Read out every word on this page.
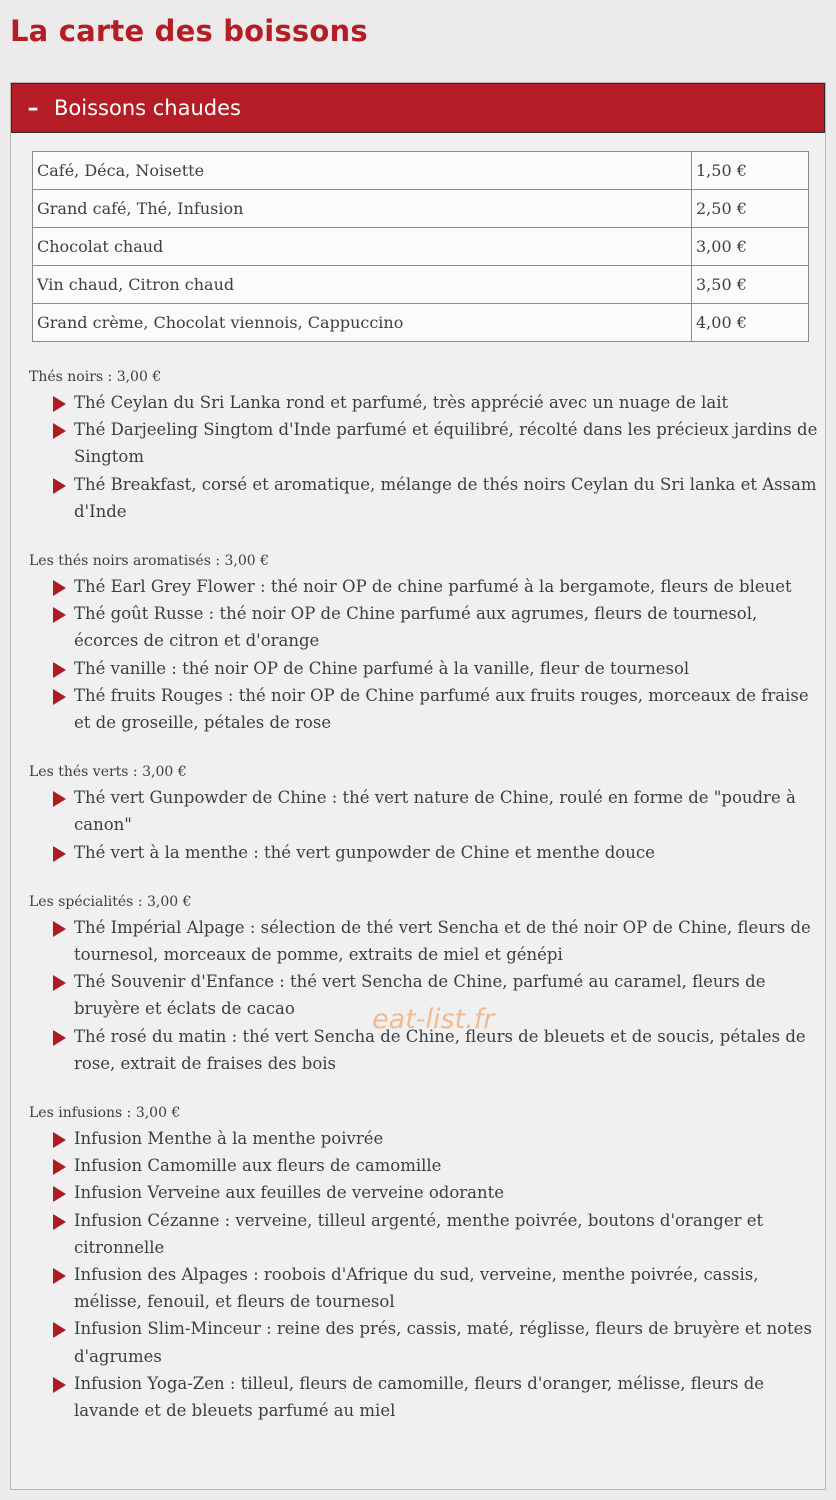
La carte des boissons
– Boissons chaudes
Café, Déca, Noisette	1,50 €
Grand café, Thé, Infusion	2,50 €
Chocolat chaud	3,00 €
Vin chaud, Citron chaud	3,50 €
Grand crème, Chocolat viennois, Cappuccino	4,00 €
Thés noirs : 3,00 €
Thé Ceylan du Sri Lanka rond et parfumé, très apprécié avec un nuage de lait
Thé Darjeeling Singtom d'Inde parfumé et équilibré, récolté dans les précieux jardins de Singtom
Thé Breakfast, corsé et aromatique, mélange de thés noirs Ceylan du Sri lanka et Assam d'Inde
Les thés noirs aromatisés : 3,00 €
Thé Earl Grey Flower : thé noir OP de chine parfumé à la bergamote, fleurs de bleuet
Thé goût Russe : thé noir OP de Chine parfumé aux agrumes, fleurs de tournesol, écorces de citron et d'orange
Thé vanille : thé noir OP de Chine parfumé à la vanille, fleur de tournesol
Thé fruits Rouges : thé noir OP de Chine parfumé aux fruits rouges, morceaux de fraise et de groseille, pétales de rose
Les thés verts : 3,00 €
Thé vert Gunpowder de Chine : thé vert nature de Chine, roulé en forme de "poudre à canon"
Thé vert à la menthe : thé vert gunpowder de Chine et menthe douce
Les spécialités : 3,00 €
Thé Impérial Alpage : sélection de thé vert Sencha et de thé noir OP de Chine, fleurs de tournesol, morceaux de pomme, extraits de miel et génépi
Thé Souvenir d'Enfance : thé vert Sencha de Chine, parfumé au caramel, fleurs de bruyère et éclats de cacao
Thé rosé du matin : thé vert Sencha de Chine, fleurs de bleuets et de soucis, pétales de rose, extrait de fraises des bois
Les infusions : 3,00 €
Infusion Menthe à la menthe poivrée
Infusion Camomille aux fleurs de camomille
Infusion Verveine aux feuilles de verveine odorante
Infusion Cézanne : verveine, tilleul argenté, menthe poivrée, boutons d'oranger et citronnelle
Infusion des Alpages : roobois d'Afrique du sud, verveine, menthe poivrée, cassis, mélisse, fenouil, et fleurs de tournesol
Infusion Slim-Minceur : reine des prés, cassis, maté, réglisse, fleurs de bruyère et notes d'agrumes
Infusion Yoga-Zen : tilleul, fleurs de camomille, fleurs d'oranger, mélisse, fleurs de lavande et de bleuets parfumé au miel
eat-list.fr
